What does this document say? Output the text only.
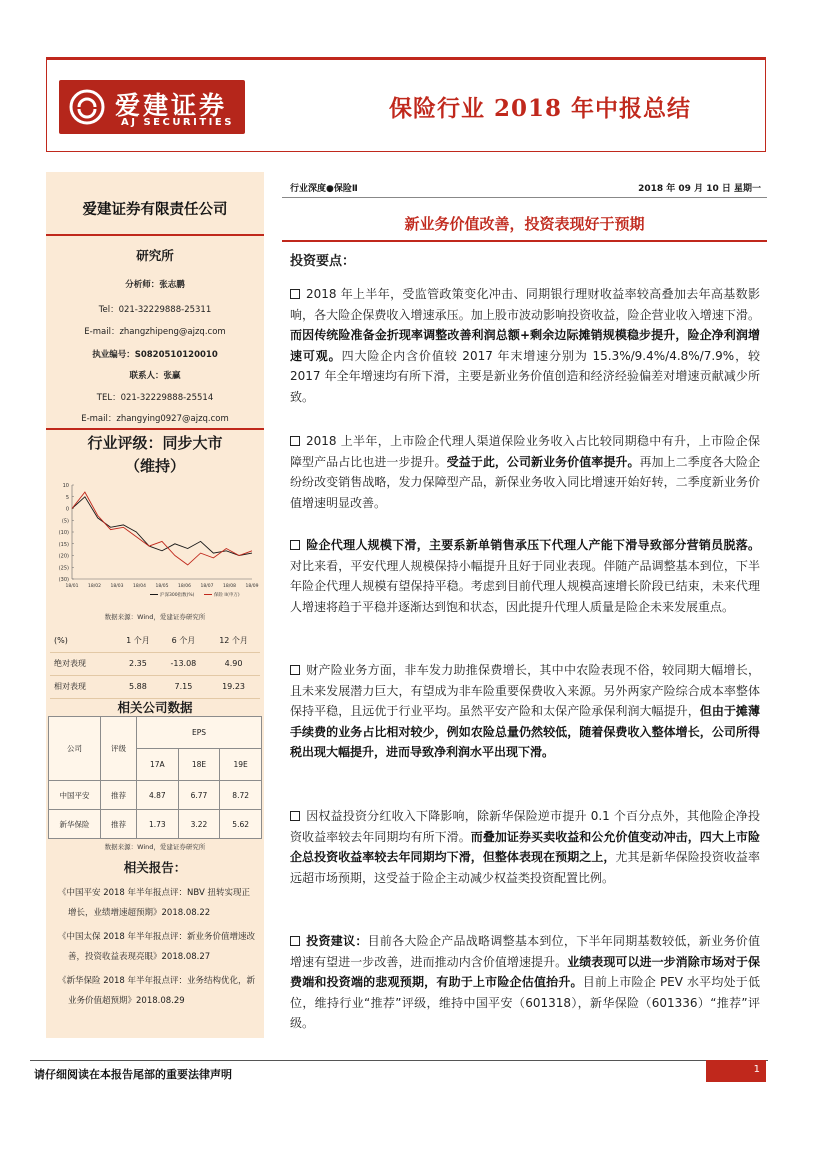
爱建证券
AJ SECURITIES
保险行业 2018 年中报总结
爱建证券有限责任公司
研究所
分析师：张志鹏
Tel：021-32229888-25311
E-mail：zhangzhipeng@ajzq.com
执业编号：S0820510120010
联系人：张赢
TEL：021-32229888-25514
E-mail：zhangying0927@ajzq.com
行业评级：同步大市
（维持）
10
5
0
(5)
(10)
(15)
(20)
(25)
(30)
18/01 18/02 18/03 18/04 18/05 18/06 18/07 18/08 18/09
沪深300指数(%)	保险 II(申万)
数据来源：Wind，爱建证券研究所
(%)	1 个月	6 个月	12 个月
绝对表现	2.35	-13.08	4.90
相对表现	5.88	7.15	19.23
相关公司数据
公司	评级	EPS		
		17A	18E	19E
中国平安	推荐	4.87	6.77	8.72
新华保险	推荐	1.73	3.22	5.62
数据来源：Wind，爱建证券研究所
相关报告：
《中国平安 2018 年半年报点评：NBV 扭转实现正增长，业绩增速超预期》2018.08.22
《中国太保 2018 年半年报点评：新业务价值增速改善，投资收益表现亮眼》2018.08.27
《新华保险 2018 年半年报点评：业务结构优化，新业务价值超预期》2018.08.29
行业深度●保险Ⅱ	2018 年 09 月 10 日 星期一
新业务价值改善，投资表现好于预期
投资要点：
2018 年上半年，受监管政策变化冲击、同期银行理财收益率较高叠加去年高基数影响，各大险企保费收入增速承压。加上股市波动影响投资收益，险企营业收入增速下滑。而因传统险准备金折现率调整改善利润总额+剩余边际摊销规模稳步提升，险企净利润增速可观。四大险企内含价值较 2017 年末增速分别为 15.3%/9.4%/4.8%/7.9%，较 2017 年全年增速均有所下滑，主要是新业务价值创造和经济经验偏差对增速贡献减少所致。
2018 上半年，上市险企代理人渠道保险业务收入占比较同期稳中有升，上市险企保障型产品占比也进一步提升。受益于此，公司新业务价值率提升。再加上二季度各大险企纷纷改变销售战略，发力保障型产品，新保业务收入同比增速开始好转，二季度新业务价值增速明显改善。
险企代理人规模下滑，主要系新单销售承压下代理人产能下滑导致部分营销员脱落。对比来看，平安代理人规模保持小幅提升且好于同业表现。伴随产品调整基本到位，下半年险企代理人规模有望保持平稳。考虑到目前代理人规模高速增长阶段已结束，未来代理人增速将趋于平稳并逐渐达到饱和状态，因此提升代理人质量是险企未来发展重点。
财产险业务方面，非车发力助推保费增长，其中中农险表现不俗，较同期大幅增长，且未来发展潜力巨大，有望成为非车险重要保费收入来源。另外两家产险综合成本率整体保持平稳，且远优于行业平均。虽然平安产险和太保产险承保利润大幅提升，但由于摊薄手续费的业务占比相对较少，例如农险总量仍然较低，随着保费收入整体增长，公司所得税出现大幅提升，进而导致净利润水平出现下滑。
因权益投资分红收入下降影响，除新华保险逆市提升 0.1 个百分点外，其他险企净投资收益率较去年同期均有所下滑。而叠加证券买卖收益和公允价值变动冲击，四大上市险企总投资收益率较去年同期均下滑，但整体表现在预期之上，尤其是新华保险投资收益率远超市场预期，这受益于险企主动减少权益类投资配置比例。
投资建议：目前各大险企产品战略调整基本到位，下半年同期基数较低，新业务价值增速有望进一步改善，进而推动内含价值增速提升。业绩表现可以进一步消除市场对于保费端和投资端的悲观预期，有助于上市险企估值抬升。目前上市险企 PEV 水平均处于低位，维持行业“推荐”评级，维持中国平安（601318），新华保险（601336）“推荐”评级。
请仔细阅读在本报告尾部的重要法律声明	1
